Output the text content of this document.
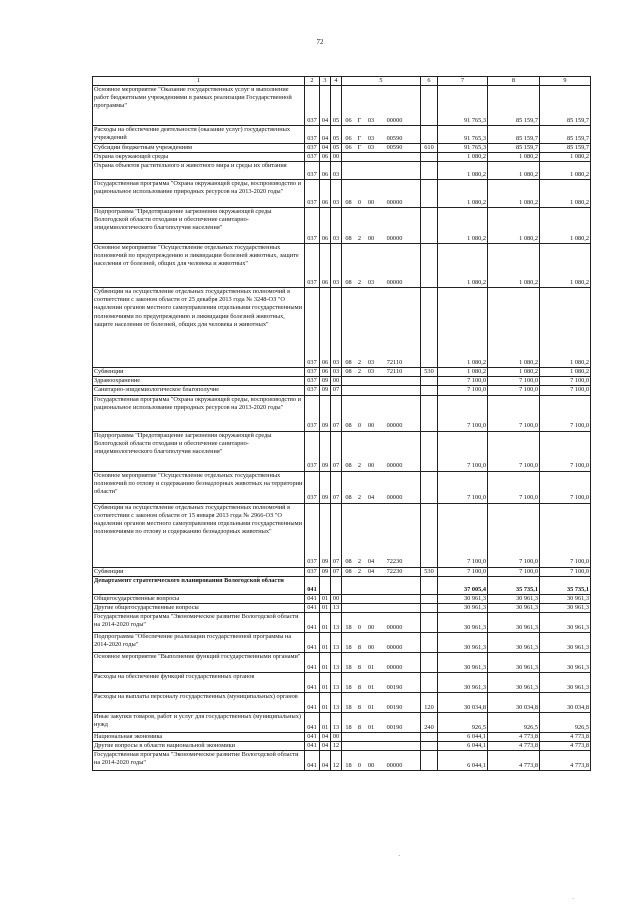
72
1	2	3	4	5	6	7	8	9
Основное мероприятие "Оказание государственных услуг и выполнение работ бюджетными учреждениями в рамках реализации Государственной программы"	037	04	05	06 Г 03 00000		91 765,3	85 159,7	85 159,7
Расходы на обеспечение деятельности (оказание услуг) государственных учреждений	037	04	05	06 Г 03 00590		91 765,3	85 159,7	85 159,7
Субсидии бюджетным учреждениям	037	04	05	06 Г 03 00590	610	91 765,3	85 159,7	85 159,7
Охрана окружающей среды	037	06	00			1 080,2	1 080,2	1 080,2
Охрана объектов растительного и животного мира и среды их обитания	037	06	03			1 080,2	1 080,2	1 080,2
Государственная программа "Охрана окружающей среды, воспроизводство и рациональное использование природных ресурсов на 2013-2020 годы"	037	06	03	08 0 00 00000		1 080,2	1 080,2	1 080,2
Подпрограмма "Предотвращение загрязнения окружающей среды Вологодской области отходами и обеспечение санитарно-эпидемиологического благополучия населения"	037	06	03	08 2 00 00000		1 080,2	1 080,2	1 080,2
Основное мероприятие "Осуществление отдельных государственных полномочий по предупреждению и ликвидации болезней животных, защите населения от болезней, общих для человека и животных"	037	06	03	08 2 03 00000		1 080,2	1 080,2	1 080,2
Субвенции на осуществление отдельных государственных полномочий в соответствии с законом области от 25 декабря 2013 года № 3248-ОЗ "О наделении органов местного самоуправления отдельными государственными полномочиями по предупреждению и ликвидации болезней животных, защите населения от болезней, общих для человека и животных"	037	06	03	08 2 03 72110		1 080,2	1 080,2	1 080,2
Субвенции	037	06	03	08 2 03 72110	530	1 080,2	1 080,2	1 080,2
Здравоохранение	037	09	00			7 100,0	7 100,0	7 100,0
Санитарно-эпидемиологическое благополучие	037	09	07			7 100,0	7 100,0	7 100,0
Государственная программа "Охрана окружающей среды, воспроизводство и рациональное использование природных ресурсов на 2013-2020 годы"	037	09	07	08 0 00 00000		7 100,0	7 100,0	7 100,0
Подпрограмма "Предотвращение загрязнения окружающей среды Вологодской области отходами и обеспечение санитарно-эпидемиологического благополучия населения"	037	09	07	08 2 00 00000		7 100,0	7 100,0	7 100,0
Основное мероприятие "Осуществление отдельных государственных полномочий по отлову и содержанию безнадзорных животных на территории области"	037	09	07	08 2 04 00000		7 100,0	7 100,0	7 100,0
Субвенции на осуществление отдельных государственных полномочий в соответствии с законом области от 15 января 2013 года № 2966-ОЗ "О наделении органов местного самоуправления отдельными государственными полномочиями по отлову и содержанию безнадзорных животных"	037	09	07	08 2 04 72230		7 100,0	7 100,0	7 100,0
Субвенции	037	09	07	08 2 04 72230	530	7 100,0	7 100,0	7 100,0
Департамент стратегического планирования Вологодской области	041					37 005,4	35 735,1	35 735,1
Общегосударственные вопросы	041	01	00			30 961,3	30 961,3	30 961,3
Другие общегосударственные вопросы	041	01	13			30 961,3	30 961,3	30 961,3
Государственная программа "Экономическое развитие Вологодской области на 2014-2020 годы"	041	01	13	18 0 00 00000		30 961,3	30 961,3	30 961,3
Подпрограмма "Обеспечение реализации государственной программы на 2014-2020 годы"	041	01	13	18 8 00 00000		30 961,3	30 961,3	30 961,3
Основное мероприятие "Выполнение функций государственными органами"	041	01	13	18 8 01 00000		30 961,3	30 961,3	30 961,3
Расходы на обеспечение функций государственных органов	041	01	13	18 8 01 00190		30 961,3	30 961,3	30 961,3
Расходы на выплаты персоналу государственных (муниципальных) органов	041	01	13	18 8 01 00190	120	30 034,8	30 034,8	30 034,8
Иные закупки товаров, работ и услуг для государственных (муниципальных) нужд	041	01	13	18 8 01 00190	240	926,5	926,5	926,5
Национальная экономика	041	04	00			6 044,1	4 773,8	4 773,8
Другие вопросы в области национальной экономики	041	04	12			6 044,1	4 773,8	4 773,8
Государственная программа "Экономическое развитие Вологодской области на 2014-2020 годы"	041	04	12	18 0 00 00000		6 044,1	4 773,8	4 773,8
·
·
